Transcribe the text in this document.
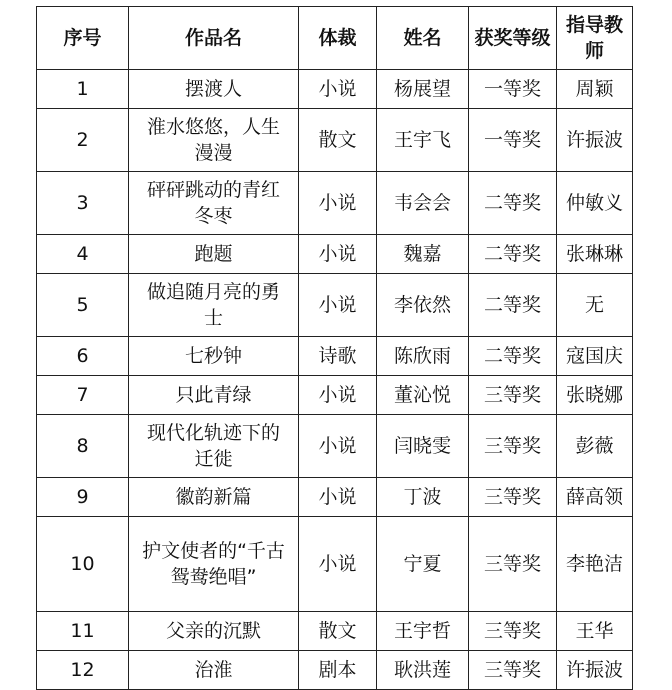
序号	作品名	体裁	姓名	获奖等级	指导教师
1	摆渡人	小说	杨展望	一等奖	周颖
2	淮水悠悠，人生漫漫	散文	王宇飞	一等奖	许振波
3	砰砰跳动的青红冬枣	小说	韦会会	二等奖	仲敏义
4	跑题	小说	魏嘉	二等奖	张琳琳
5	做追随月亮的勇士	小说	李依然	二等奖	无
6	七秒钟	诗歌	陈欣雨	二等奖	寇国庆
7	只此青绿	小说	董沁悦	三等奖	张晓娜
8	现代化轨迹下的迁徙	小说	闫晓雯	三等奖	彭薇
9	徽韵新篇	小说	丁波	三等奖	薛高领
10	护文使者的“千古鸳鸯绝唱”	小说	宁夏	三等奖	李艳洁
11	父亲的沉默	散文	王宇哲	三等奖	王华
12	治淮	剧本	耿洪莲	三等奖	许振波
